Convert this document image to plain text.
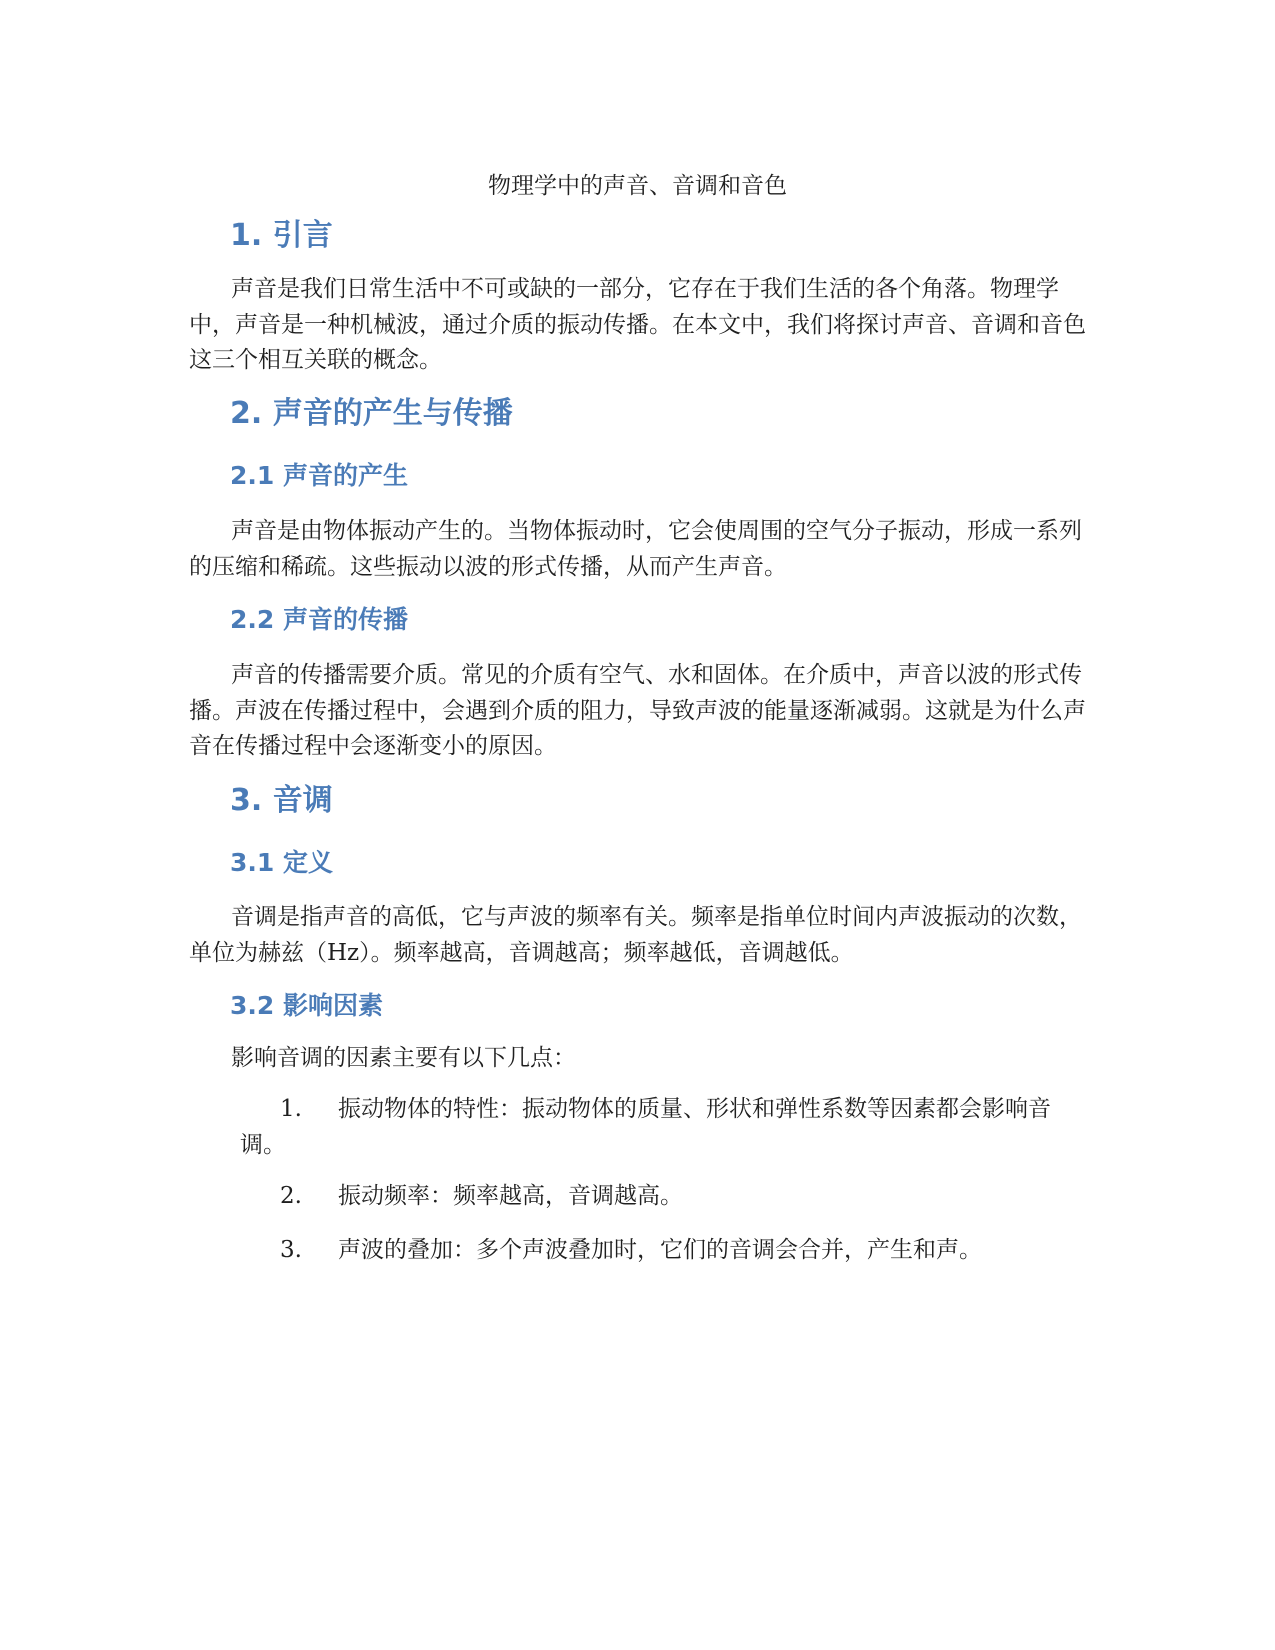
物理学中的声音、音调和音色
1. 引言

声音是我们日常生活中不可或缺的一部分，它存在于我们生活的各个角落。物理学中，声音是一种机械波，通过介质的振动传播。在本文中，我们将探讨声音、音调和音色这三个相互关联的概念。

2. 声音的产生与传播
2.1 声音的产生

声音是由物体振动产生的。当物体振动时，它会使周围的空气分子振动，形成一系列的压缩和稀疏。这些振动以波的形式传播，从而产生声音。

2.2 声音的传播

声音的传播需要介质。常见的介质有空气、水和固体。在介质中，声音以波的形式传播。声波在传播过程中，会遇到介质的阻力，导致声波的能量逐渐减弱。这就是为什么声音在传播过程中会逐渐变小的原因。

3. 音调
3.1 定义

音调是指声音的高低，它与声波的频率有关。频率是指单位时间内声波振动的次数，单位为赫兹（Hz）。频率越高，音调越高；频率越低，音调越低。

3.2 影响因素

影响音调的因素主要有以下几点：

1. 振动物体的特性：振动物体的质量、形状和弹性系数等因素都会影响音调。

2. 振动频率：频率越高，音调越高。

3. 声波的叠加：多个声波叠加时，它们的音调会合并，产生和声。
